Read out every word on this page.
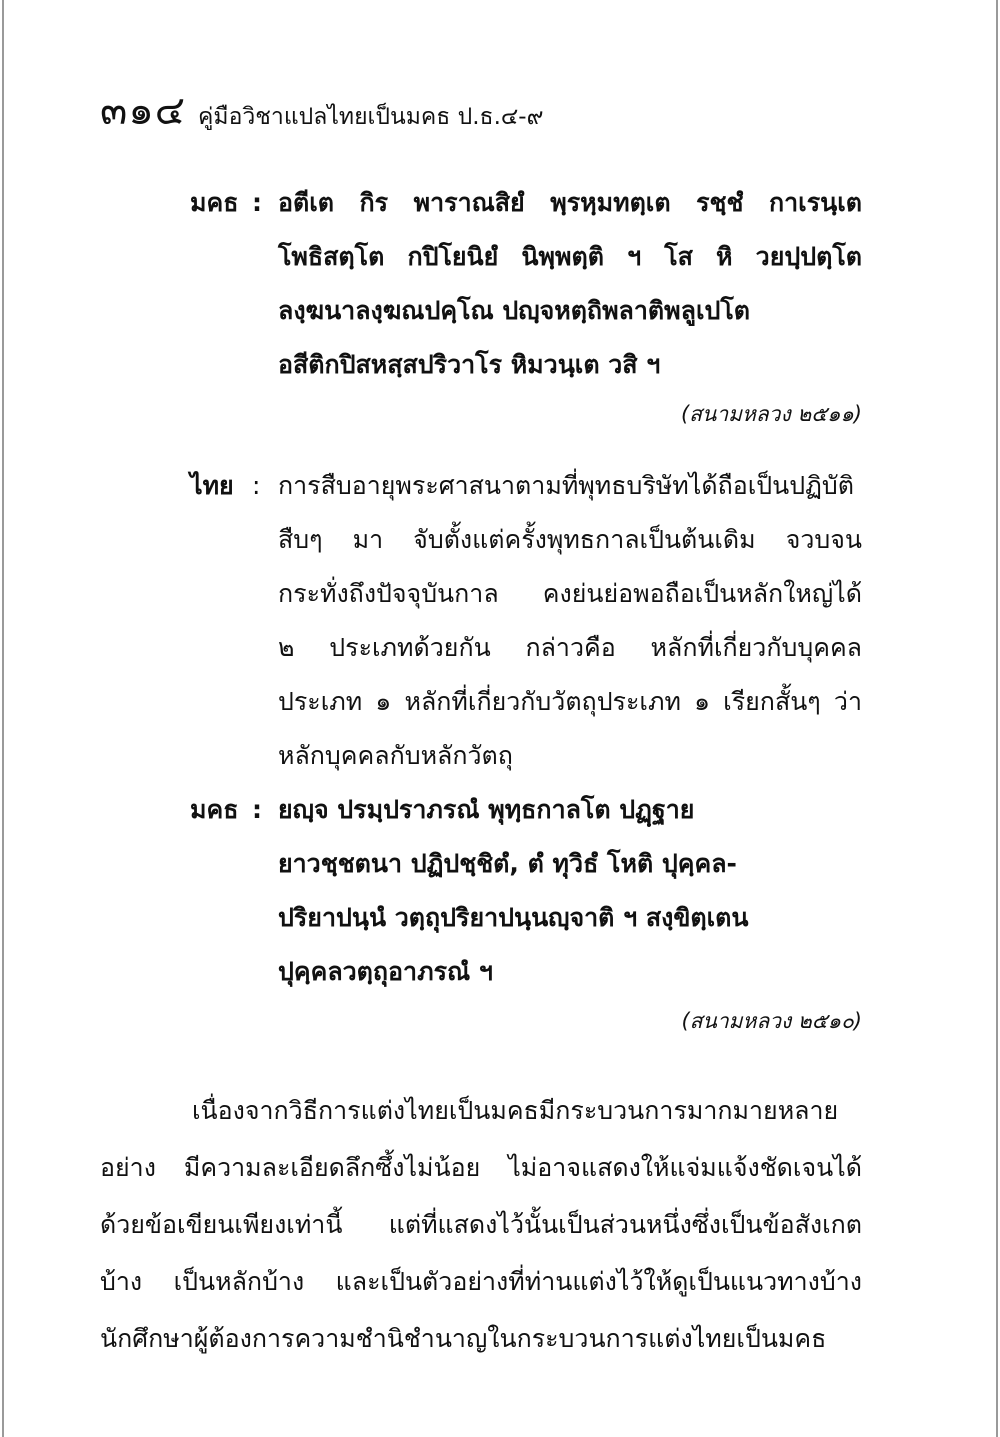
๓๑๔ คู่มือวิชาแปลไทยเป็นมคธ ป.ธ.๔-๙
มคธ : อตีเต กิร พาราณสิยํ พฺรหฺมทตฺเต รชฺชํ กาเรนฺเต
โพธิสตฺโต กปิโยนิยํ นิพฺพตฺติ ฯ โส หิ วยปฺปตฺโต
ลงฺฆนาลงฺฆณปคฺโณ ปญฺจหตฺถิพลาติพลูเปโต
อสีติกปิสหสฺสปริวาโร หิมวนฺเต วสิ ฯ
(สนามหลวง ๒๕๑๑)
ไทย : การสืบอายุพระศาสนาตามที่พุทธบริษัทได้ถือเป็นปฏิบัติ
สืบๆ มา จับตั้งแต่ครั้งพุทธกาลเป็นต้นเดิม จวบจน
กระทั่งถึงปัจจุบันกาล คงย่นย่อพอถือเป็นหลักใหญ่ได้
๒ ประเภทด้วยกัน กล่าวคือ หลักที่เกี่ยวกับบุคคล
ประเภท ๑ หลักที่เกี่ยวกับวัตถุประเภท ๑ เรียกสั้นๆ ว่า
หลักบุคคลกับหลักวัตถุ
มคธ : ยญฺจ ปรมฺปราภรณํ พุทฺธกาลโต ปฏฺฐาย
ยาวชฺชตนา ปฏิปชฺชิตํ, ตํ ทุวิธํ โหติ ปุคฺคล-
ปริยาปนฺนํ วตฺถุปริยาปนฺนญฺจาติ ฯ สงฺขิตฺเตน
ปุคฺคลวตฺถุอาภรณํ ฯ
(สนามหลวง ๒๕๑๐)
เนื่องจากวิธีการแต่งไทยเป็นมคธมีกระบวนการมากมายหลาย
อย่าง มีความละเอียดลึกซึ้งไม่น้อย ไม่อาจแสดงให้แจ่มแจ้งชัดเจนได้
ด้วยข้อเขียนเพียงเท่านี้ แต่ที่แสดงไว้นั้นเป็นส่วนหนึ่งซึ่งเป็นข้อสังเกต
บ้าง เป็นหลักบ้าง และเป็นตัวอย่างที่ท่านแต่งไว้ให้ดูเป็นแนวทางบ้าง
นักศึกษาผู้ต้องการความชำนิชำนาญในกระบวนการแต่งไทยเป็นมคธ
